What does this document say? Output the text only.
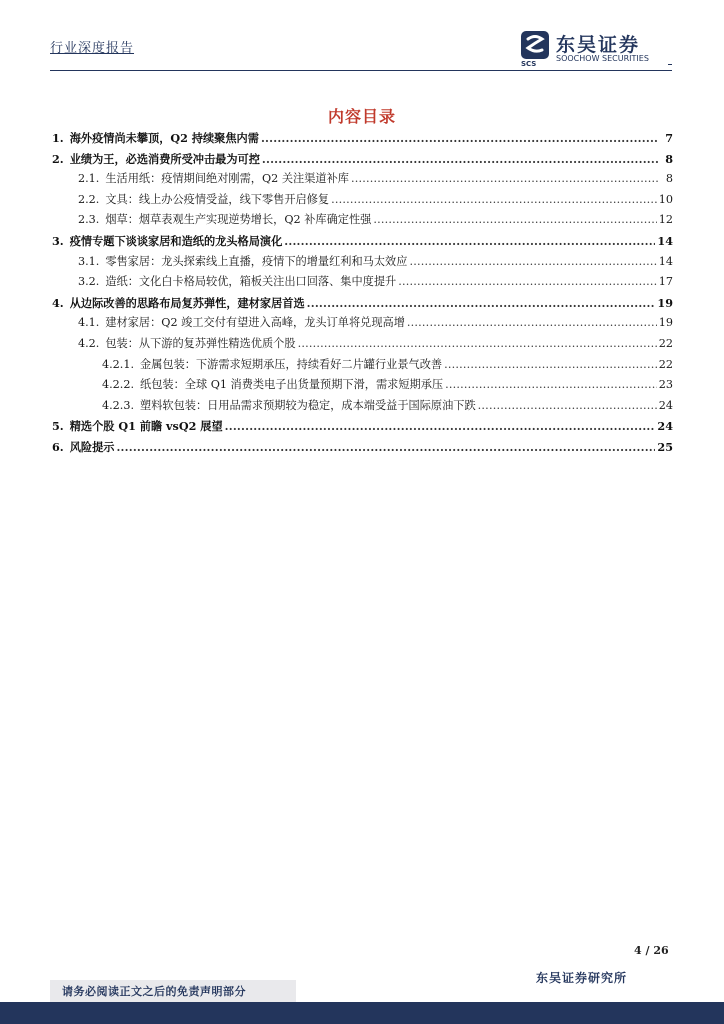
行业深度报告	东吴证券
SOOCHOW SECURITIES
SCS
内容目录
1. 海外疫情尚未攀顶，Q2 持续聚焦内需 .....	7
2. 业绩为王，必选消费所受冲击最为可控 .....	8
2.1. 生活用纸：疫情期间绝对刚需，Q2 关注渠道补库 .....	8
2.2. 文具：线上办公疫情受益，线下零售开启修复 .....	10
2.3. 烟草：烟草表观生产实现逆势增长，Q2 补库确定性强 .....	12
3. 疫情专题下谈谈家居和造纸的龙头格局演化 .....	14
3.1. 零售家居：龙头探索线上直播，疫情下的增量红利和马太效应 .....	14
3.2. 造纸：文化白卡格局较优，箱板关注出口回落、集中度提升 .....	17
4. 从边际改善的思路布局复苏弹性，建材家居首选 .....	19
4.1. 建材家居：Q2 竣工交付有望进入高峰，龙头订单将兑现高增 .....	19
4.2. 包装：从下游的复苏弹性精选优质个股 .....	22
4.2.1. 金属包装：下游需求短期承压，持续看好二片罐行业景气改善 .....	22
4.2.2. 纸包装：全球 Q1 消费类电子出货量预期下滑，需求短期承压 .....	23
4.2.3. 塑料软包装：日用品需求预期较为稳定，成本端受益于国际原油下跌 .....	24
5. 精选个股 Q1 前瞻 vsQ2 展望 .....	24
6. 风险提示 .....	25
4 / 26
东吴证券研究所
请务必阅读正文之后的免责声明部分
